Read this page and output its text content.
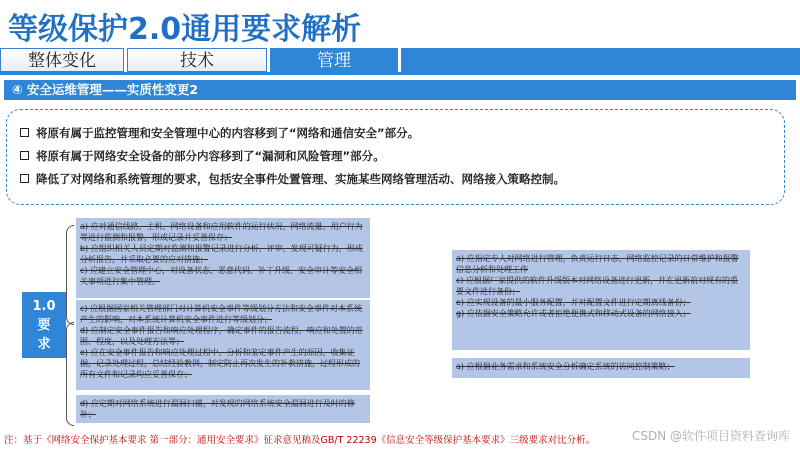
等级保护2.0通用要求解析
整体变化	技术	管理
④ 安全运维管理——实质性变更2
将原有属于监控管理和安全管理中心的内容移到了“网络和通信安全”部分。
将原有属于网络安全设备的部分内容移到了“漏洞和风险管理”部分。
降低了对网络和系统管理的要求，包括安全事件处置管理、实施某些网络管理活动、网络接入策略控制。
1.0
要
求

a) 应对通信线路、主机、网络设备和应用软件的运行状况、网络流量、用户行为等进行监测和报警，形成记录并妥善保存；

b) 应组织相关人员定期对监测和报警记录进行分析、评审，发现可疑行为，形成分析报告，并采取必要的应对措施；

c) 应建立安全管理中心，对设备状态、恶意代码、补丁升级、安全审计等安全相关事项进行集中管理。

c) 应根据国家相关管理部门对计算机安全事件等级划分方法和安全事件对本系统产生的影响，对本系统计算机安全事件进行等级划分；

d) 应制定安全事件报告和响应处理程序，确定事件的报告流程，响应和处置的范围、程度，以及处理方法等；

e) 应在安全事件报告和响应处理过程中，分析和鉴定事件产生的原因，收集证据，记录处理过程，总结经验教训，制定防止再次发生的补救措施，过程形成的所有文件和记录均应妥善保存；

d) 应定期对网络系统进行漏洞扫描，对发现的网络系统安全漏洞进行及时的修补；

a) 应指定专人对网络进行管理，负责运行日志、网络监控记录的日常维护和报警信息分析和处理工作

c) 应根据厂家提供的软件升级版本对网络设备进行更新，并在更新前对现有的重要文件进行备份；

e) 应实现设备的最小服务配置，并对配置文件进行定期离线备份；

g) 应依据安全策略允许或者拒绝便携式和移动式设备的网络接入；

a) 应根据业务需求和系统安全分析确定系统的访问控制策略；

注：基于《网络安全保护基本要求 第一部分：通用安全要求》征求意见稿及GB/T 22239《信息安全等级保护基本要求》三级要求对比分析。	CSDN @软件项目资料查询库
